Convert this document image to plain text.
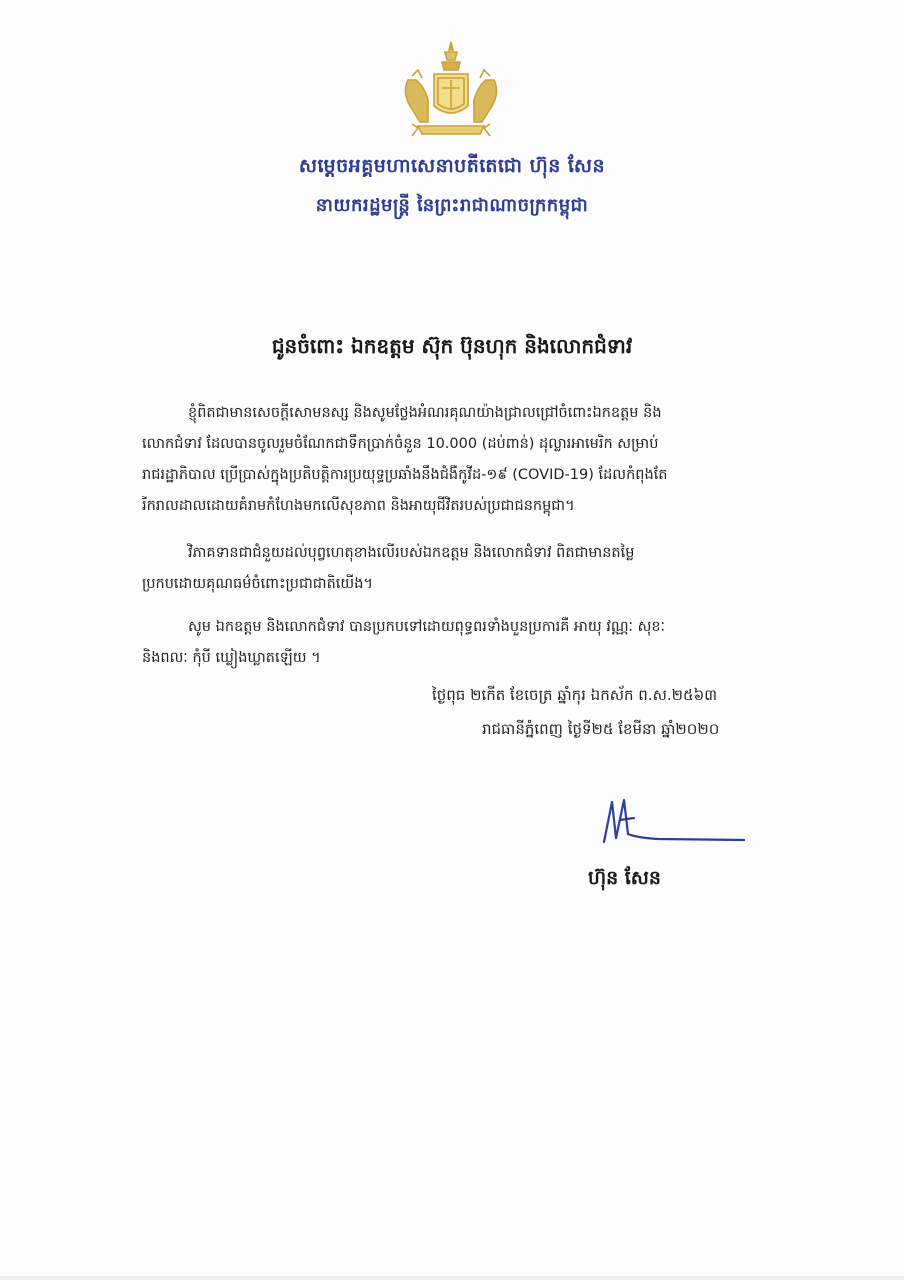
សម្តេចអគ្គមហាសេនាបតីតេជោ ហ៊ុន សែន
នាយករដ្ឋមន្ត្រី នៃព្រះរាជាណាចក្រកម្ពុជា
ជូនចំពោះ ឯកឧត្តម ស៊ុក ប៊ុនហុក និងលោកជំទាវ
ខ្ញុំពិតជាមានសេចក្តីសោមនស្ស និងសូមថ្លែងអំណរគុណយ៉ាងជ្រាលជ្រៅចំពោះឯកឧត្តម និង
លោកជំទាវ ដែលបានចូលរួមចំណែកជាទឹកប្រាក់ចំនួន 10.000 (ដប់ពាន់) ដុល្លារអាមេរិក សម្រាប់
រាជរដ្ឋាភិបាល ប្រើប្រាស់ក្នុងប្រតិបត្តិការប្រយុទ្ធប្រឆាំងនឹងជំងឺកូវីដ-១៩ (COVID-19) ដែលកំពុងតែ
រីករាលដាលដោយគំរាមកំហែងមកលើសុខភាព និងអាយុជីវិតរបស់ប្រជាជនកម្ពុជា។
វិភាគទានជាជំនួយដល់បុព្វហេតុខាងលើរបស់ឯកឧត្តម និងលោកជំទាវ ពិតជាមានតម្លៃ
ប្រកបដោយគុណធម៌ចំពោះប្រជាជាតិយើង។
សូម ឯកឧត្តម និងលោកជំទាវ បានប្រកបទៅដោយពុទ្ធពរទាំងបួនប្រការគឺ អាយុ វណ្ណៈ សុខៈ
និងពលៈ កុំបី ឃ្លៀងឃ្លាតឡើយ ។
ថ្ងៃពុធ ២កើត ខែចេត្រ ឆ្នាំកុរ ឯកស័ក ព.ស.២៥៦៣
រាជធានីភ្នំពេញ ថ្ងៃទី២៥ ខែមីនា ឆ្នាំ២០២០
ហ៊ុន សែន
